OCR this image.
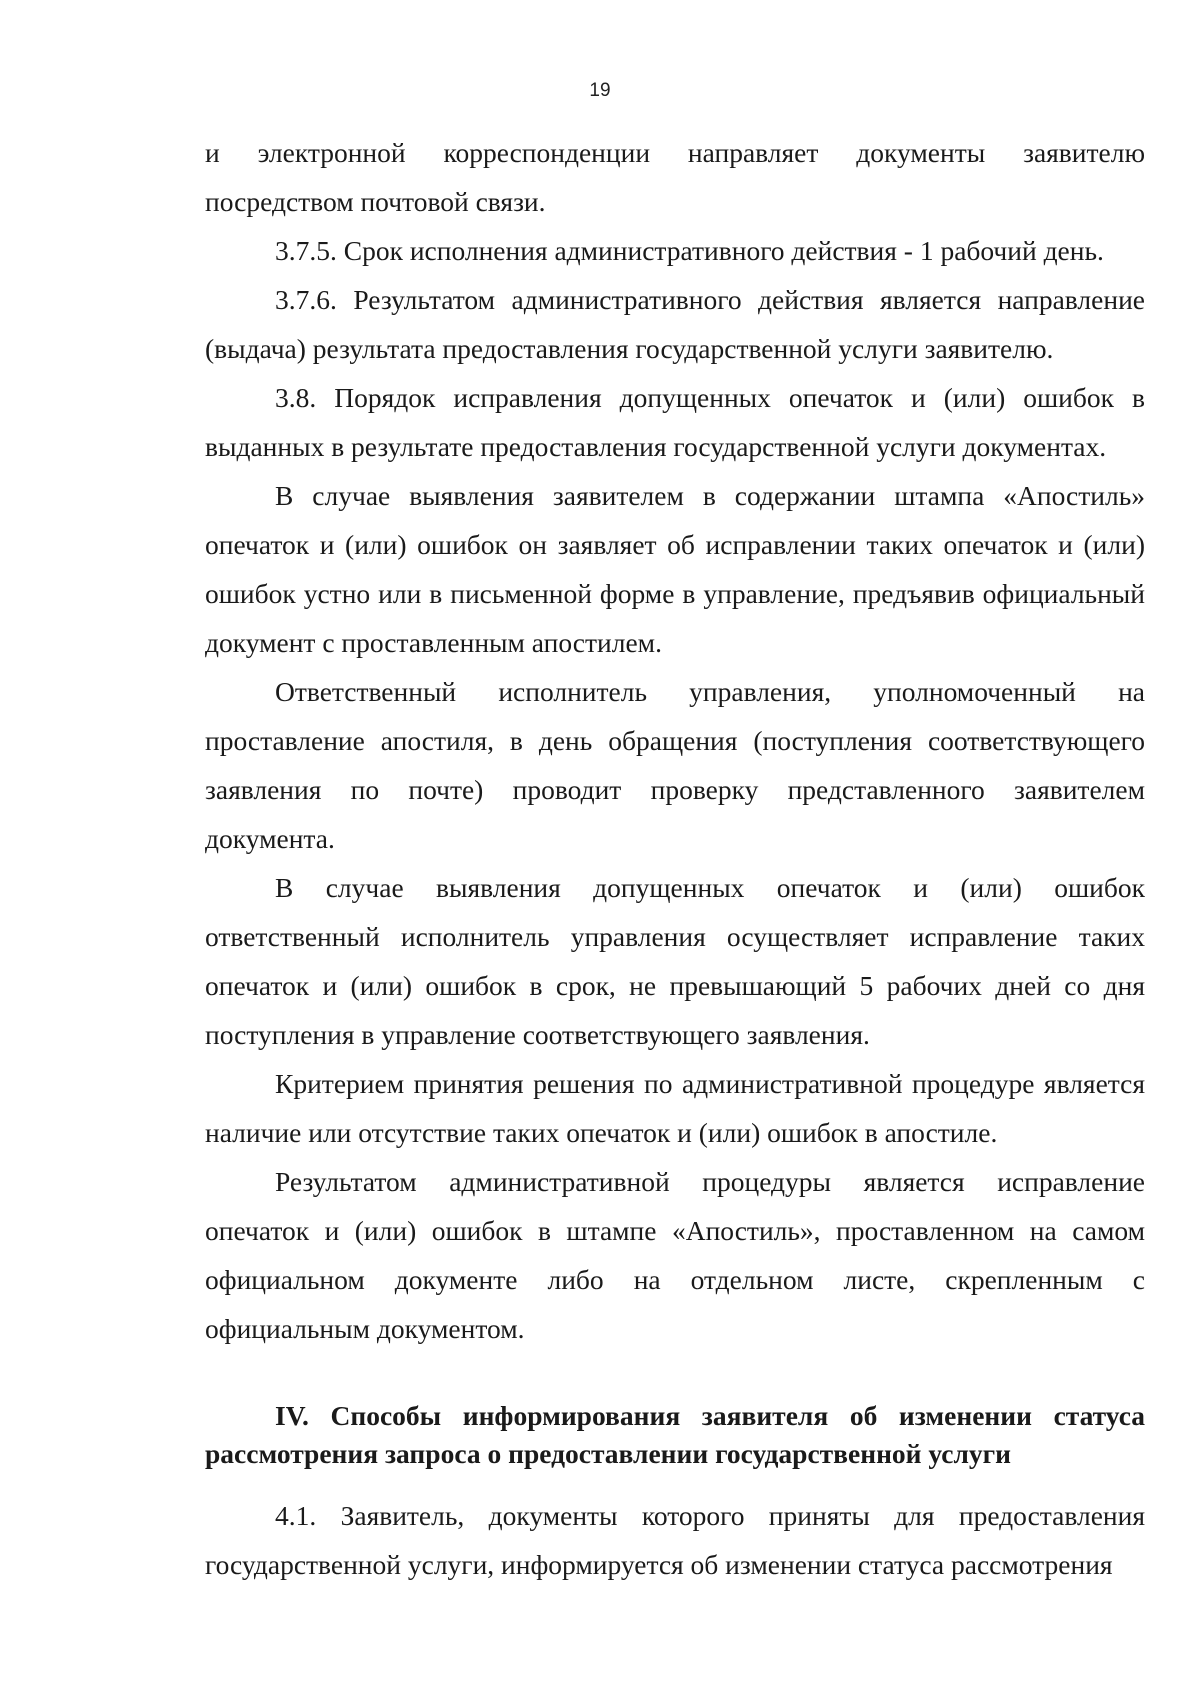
19

и электронной корреспонденции направляет документы заявителю посредством почтовой связи.

3.7.5. Срок исполнения административного действия - 1 рабочий день.

3.7.6. Результатом административного действия является направление (выдача) результата предоставления государственной услуги заявителю.

3.8. Порядок исправления допущенных опечаток и (или) ошибок в выданных в результате предоставления государственной услуги документах.

В случае выявления заявителем в содержании штампа «Апостиль» опечаток и (или) ошибок он заявляет об исправлении таких опечаток и (или) ошибок устно или в письменной форме в управление, предъявив официальный документ с проставленным апостилем.

Ответственный исполнитель управления, уполномоченный на проставление апостиля, в день обращения (поступления соответствующего заявления по почте) проводит проверку представленного заявителем документа.

В случае выявления допущенных опечаток и (или) ошибок ответственный исполнитель управления осуществляет исправление таких опечаток и (или) ошибок в срок, не превышающий 5 рабочих дней со дня поступления в управление соответствующего заявления.

Критерием принятия решения по административной процедуре является наличие или отсутствие таких опечаток и (или) ошибок в апостиле.

Результатом административной процедуры является исправление опечаток и (или) ошибок в штампе «Апостиль», проставленном на самом официальном документе либо на отдельном листе, скрепленным с официальным документом.

IV. Способы информирования заявителя об изменении статуса рассмотрения запроса о предоставлении государственной услуги

4.1. Заявитель, документы которого приняты для предоставления государственной услуги, информируется об изменении статуса рассмотрения
